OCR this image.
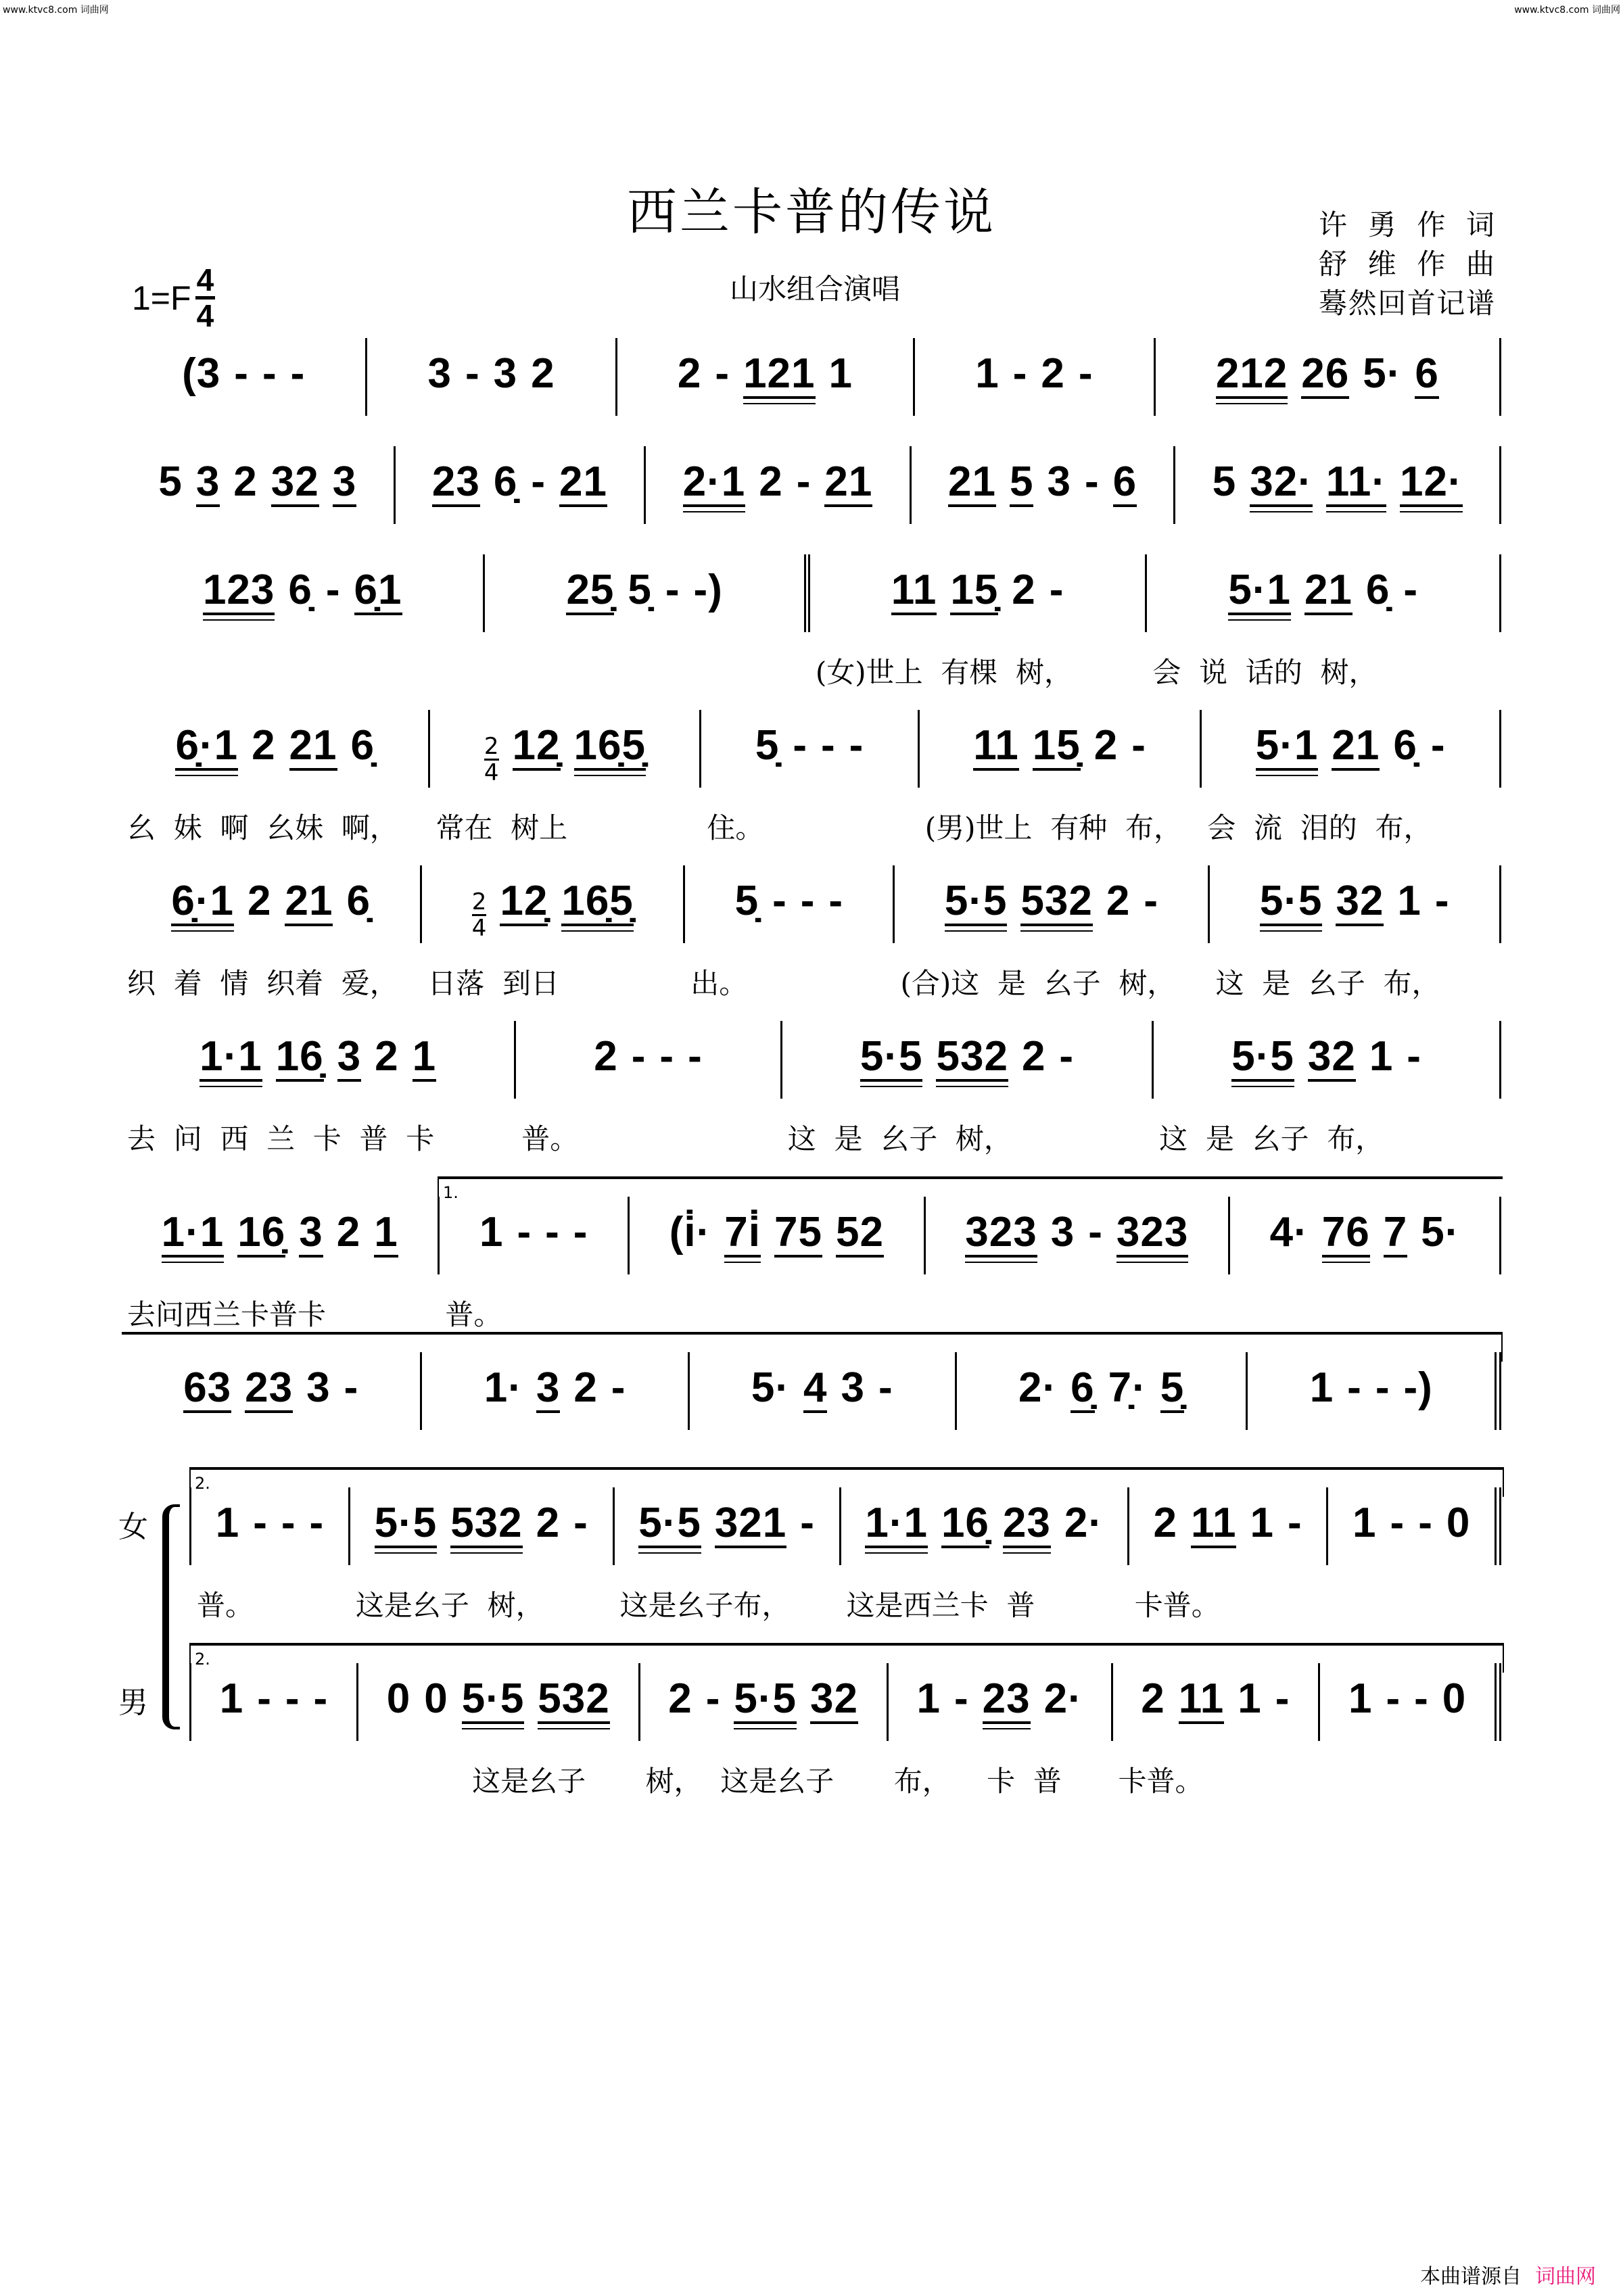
www.ktvc8.com 词曲网	www.ktvc8.com 词曲网
西兰卡普的传说
$1=F \frac{4}{4}$	山水组合演唱
许 勇 作 词
舒 维 作 曲
蓦然回首记谱
女
男
(3 - - -	3 - 3 2	2 - 121 1	1 - 2 -	212 26 5· 6
5 3 2 32 3 23 6̣ - 21 2·1 2 - 21 21 5 3 - 6 5 32· 11· 12·
123 6̣ - 6̣1	25̣ 5̣ - -)	11 15̣ 2 -
(女)世上  有棵  树，
5·1 21 6̣ -
会  说  话的  树，
6̣·1 2 21 6̣
幺  妹  啊  幺妹  啊，
2
4
12̣ 16̣5̣
常在  树上
5̣ - - -
住。
11 15̣ 2 -
(男)世上  有种  布，
5·1 21 6̣ -
会  流  泪的  布，
6̣·1 2 21 6̣
织  着  情  织着  爱，
2
4
12̣ 16̣5̣
日落  到日
5̣ - - -
出。
5·5 532 2 -
(合)这  是  幺子  树，
5·5 32 1 -
这  是  幺子  布，
1·1 16̣ 3 2 1
去  问  西  兰  卡  普  卡
2 - - -
普。
5·5 532 2 -
这  是  幺子  树，
5·5 32 1 -
这  是  幺子  布，
1·1 16̣ 3 2 1
去问西兰卡普卡
1 - - -
普。
(i̇· 7i̇ 75 52 323 3 - 323 4· 76 7 5·
63 23 3 -	1· 3 2 -	5· 4 3 -	2· 6̣ 7̣· 5̣	1 - - -)
1 - - -
普。
5·5 532 2 -
这是幺子  树，
5·5 321 -
这是幺子布，
1·1 16̣ 23 2·
这是西兰卡  普
2 11 1 -
卡普。
1 - - 0
1 - - - 0 0 5·5 532
这是幺子
2 - 5·5 32
树，  这是幺子
1 - 23 2·
布，    卡  普
2 11 1 -
卡普。
1 - - 0
本曲谱源自 词曲网
1.
2.
2.
